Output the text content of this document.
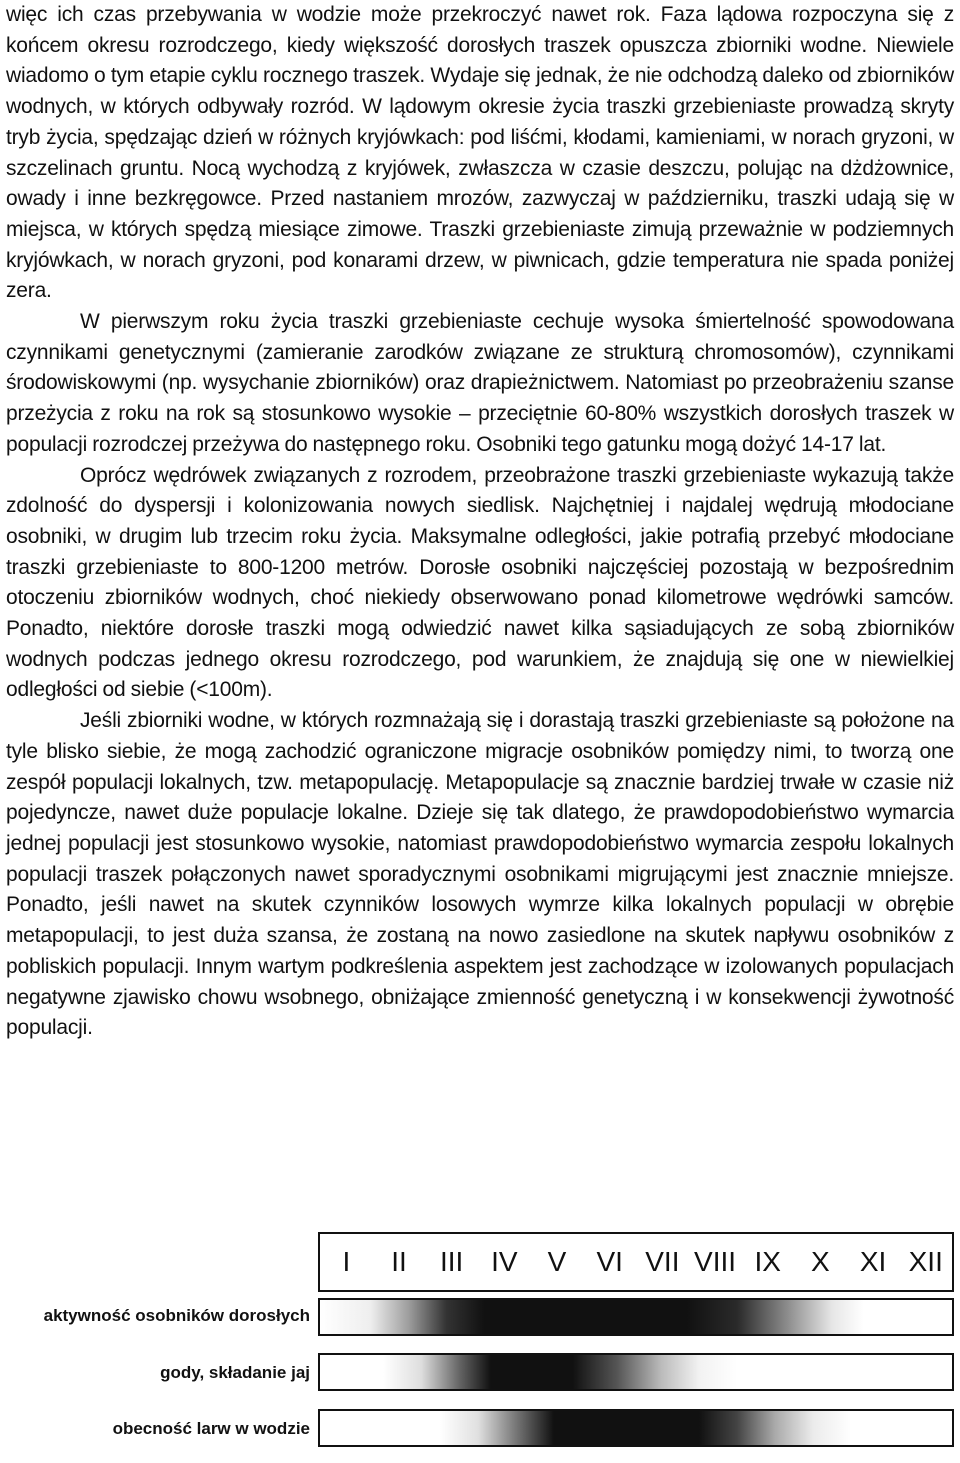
więc ich czas przebywania w wodzie może przekroczyć nawet rok. Faza lądowa rozpoczyna się z końcem okresu rozrodczego, kiedy większość dorosłych traszek opuszcza zbiorniki wodne. Niewiele wiadomo o tym etapie cyklu rocznego traszek. Wydaje się jednak, że nie odchodzą daleko od zbiorników wodnych, w których odbywały rozród. W lądowym okresie życia traszki grzebieniaste prowadzą skryty tryb życia, spędzając dzień w różnych kryjówkach: pod liśćmi, kłodami, kamieniami, w norach gryzoni, w szczelinach gruntu. Nocą wychodzą z kryjówek, zwłaszcza w czasie deszczu, polując na dżdżownice, owady i inne bezkręgowce. Przed nastaniem mrozów, zazwyczaj w październiku, traszki udają się w miejsca, w których spędzą miesiące zimowe. Traszki grzebieniaste zimują przeważnie w podziemnych kryjówkach, w norach gryzoni, pod konarami drzew, w piwnicach, gdzie temperatura nie spada poniżej zera.

W pierwszym roku życia traszki grzebieniaste cechuje wysoka śmiertelność spowodowana czynnikami genetycznymi (zamieranie zarodków związane ze strukturą chromosomów), czynnikami środowiskowymi (np. wysychanie zbiorników) oraz drapieżnictwem. Natomiast po przeobrażeniu szanse przeżycia z roku na rok są stosunkowo wysokie – przeciętnie 60-80% wszystkich dorosłych traszek w populacji rozrodczej przeżywa do następnego roku. Osobniki tego gatunku mogą dożyć 14-17 lat.

Oprócz wędrówek związanych z rozrodem, przeobrażone traszki grzebieniaste wykazują także zdolność do dyspersji i kolonizowania nowych siedlisk. Najchętniej i najdalej wędrują młodociane osobniki, w drugim lub trzecim roku życia. Maksymalne odległości, jakie potrafią przebyć młodociane traszki grzebieniaste to 800-1200 metrów. Dorosłe osobniki najczęściej pozostają w bezpośrednim otoczeniu zbiorników wodnych, choć niekiedy obserwowano ponad kilometrowe wędrówki samców. Ponadto, niektóre dorosłe traszki mogą odwiedzić nawet kilka sąsiadujących ze sobą zbiorników wodnych podczas jednego okresu rozrodczego, pod warunkiem, że znajdują się one w niewielkiej odległości od siebie (<100m).

Jeśli zbiorniki wodne, w których rozmnażają się i dorastają traszki grzebieniaste są położone na tyle blisko siebie, że mogą zachodzić ograniczone migracje osobników pomiędzy nimi, to tworzą one zespół populacji lokalnych, tzw. metapopulację. Metapopulacje są znacznie bardziej trwałe w czasie niż pojedyncze, nawet duże populacje lokalne. Dzieje się tak dlatego, że prawdopodobieństwo wymarcia jednej populacji jest stosunkowo wysokie, natomiast prawdopodobieństwo wymarcia zespołu lokalnych populacji traszek połączonych nawet sporadycznymi osobnikami migrującymi jest znacznie mniejsze. Ponadto, jeśli nawet na skutek czynników losowych wymrze kilka lokalnych populacji w obrębie metapopulacji, to jest duża szansa, że zostaną na nowo zasiedlone na skutek napływu osobników z pobliskich populacji. Innym wartym podkreślenia aspektem jest zachodzące w izolowanych populacjach negatywne zjawisko chowu wsobnego, obniżające zmienność genetyczną i w konsekwencji żywotność populacji.

I	II	III IV	V	VI VII VIII IX	X	XI XII
aktywność osobników dorosłych
gody, składanie jaj
obecność larw w wodzie
